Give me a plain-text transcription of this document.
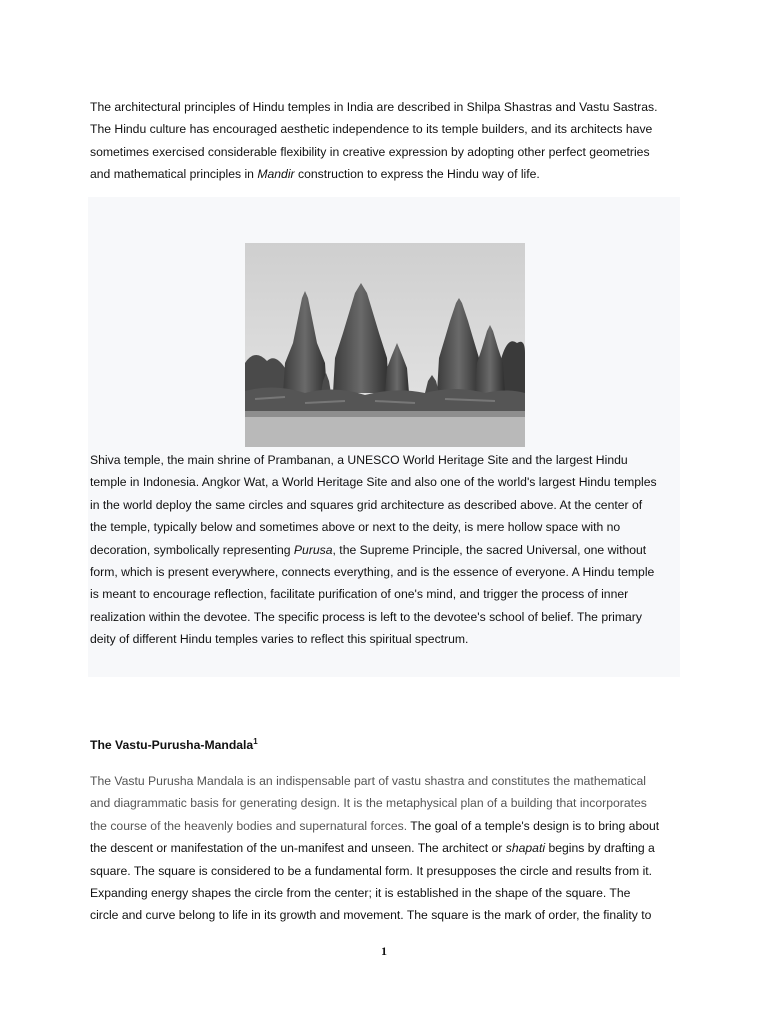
The architectural principles of Hindu temples in India are described in Shilpa Shastras and Vastu Sastras.
The Hindu culture has encouraged aesthetic independence to its temple builders, and its architects have
sometimes exercised considerable flexibility in creative expression by adopting other perfect geometries
and mathematical principles in Mandir construction to express the Hindu way of life.

Shiva temple, the main shrine of Prambanan, a UNESCO World Heritage Site and the largest Hindu
temple in Indonesia. Angkor Wat, a World Heritage Site and also one of the world's largest Hindu temples
in the world deploy the same circles and squares grid architecture as described above. At the center of
the temple, typically below and sometimes above or next to the deity, is mere hollow space with no
decoration, symbolically representing Purusa, the Supreme Principle, the sacred Universal, one without
form, which is present everywhere, connects everything, and is the essence of everyone. A Hindu temple
is meant to encourage reflection, facilitate purification of one's mind, and trigger the process of inner
realization within the devotee. The specific process is left to the devotee's school of belief. The primary
deity of different Hindu temples varies to reflect this spiritual spectrum.

The Vastu-Purusha-Mandala$^1$

The Vastu Purusha Mandala is an indispensable part of vastu shastra and constitutes the mathematical
and diagrammatic basis for generating design. It is the metaphysical plan of a building that incorporates
the course of the heavenly bodies and supernatural forces. The goal of a temple's design is to bring about
the descent or manifestation of the un-manifest and unseen. The architect or shapati begins by drafting a
square. The square is considered to be a fundamental form. It presupposes the circle and results from it.
Expanding energy shapes the circle from the center; it is established in the shape of the square. The
circle and curve belong to life in its growth and movement. The square is the mark of order, the finality to

1
